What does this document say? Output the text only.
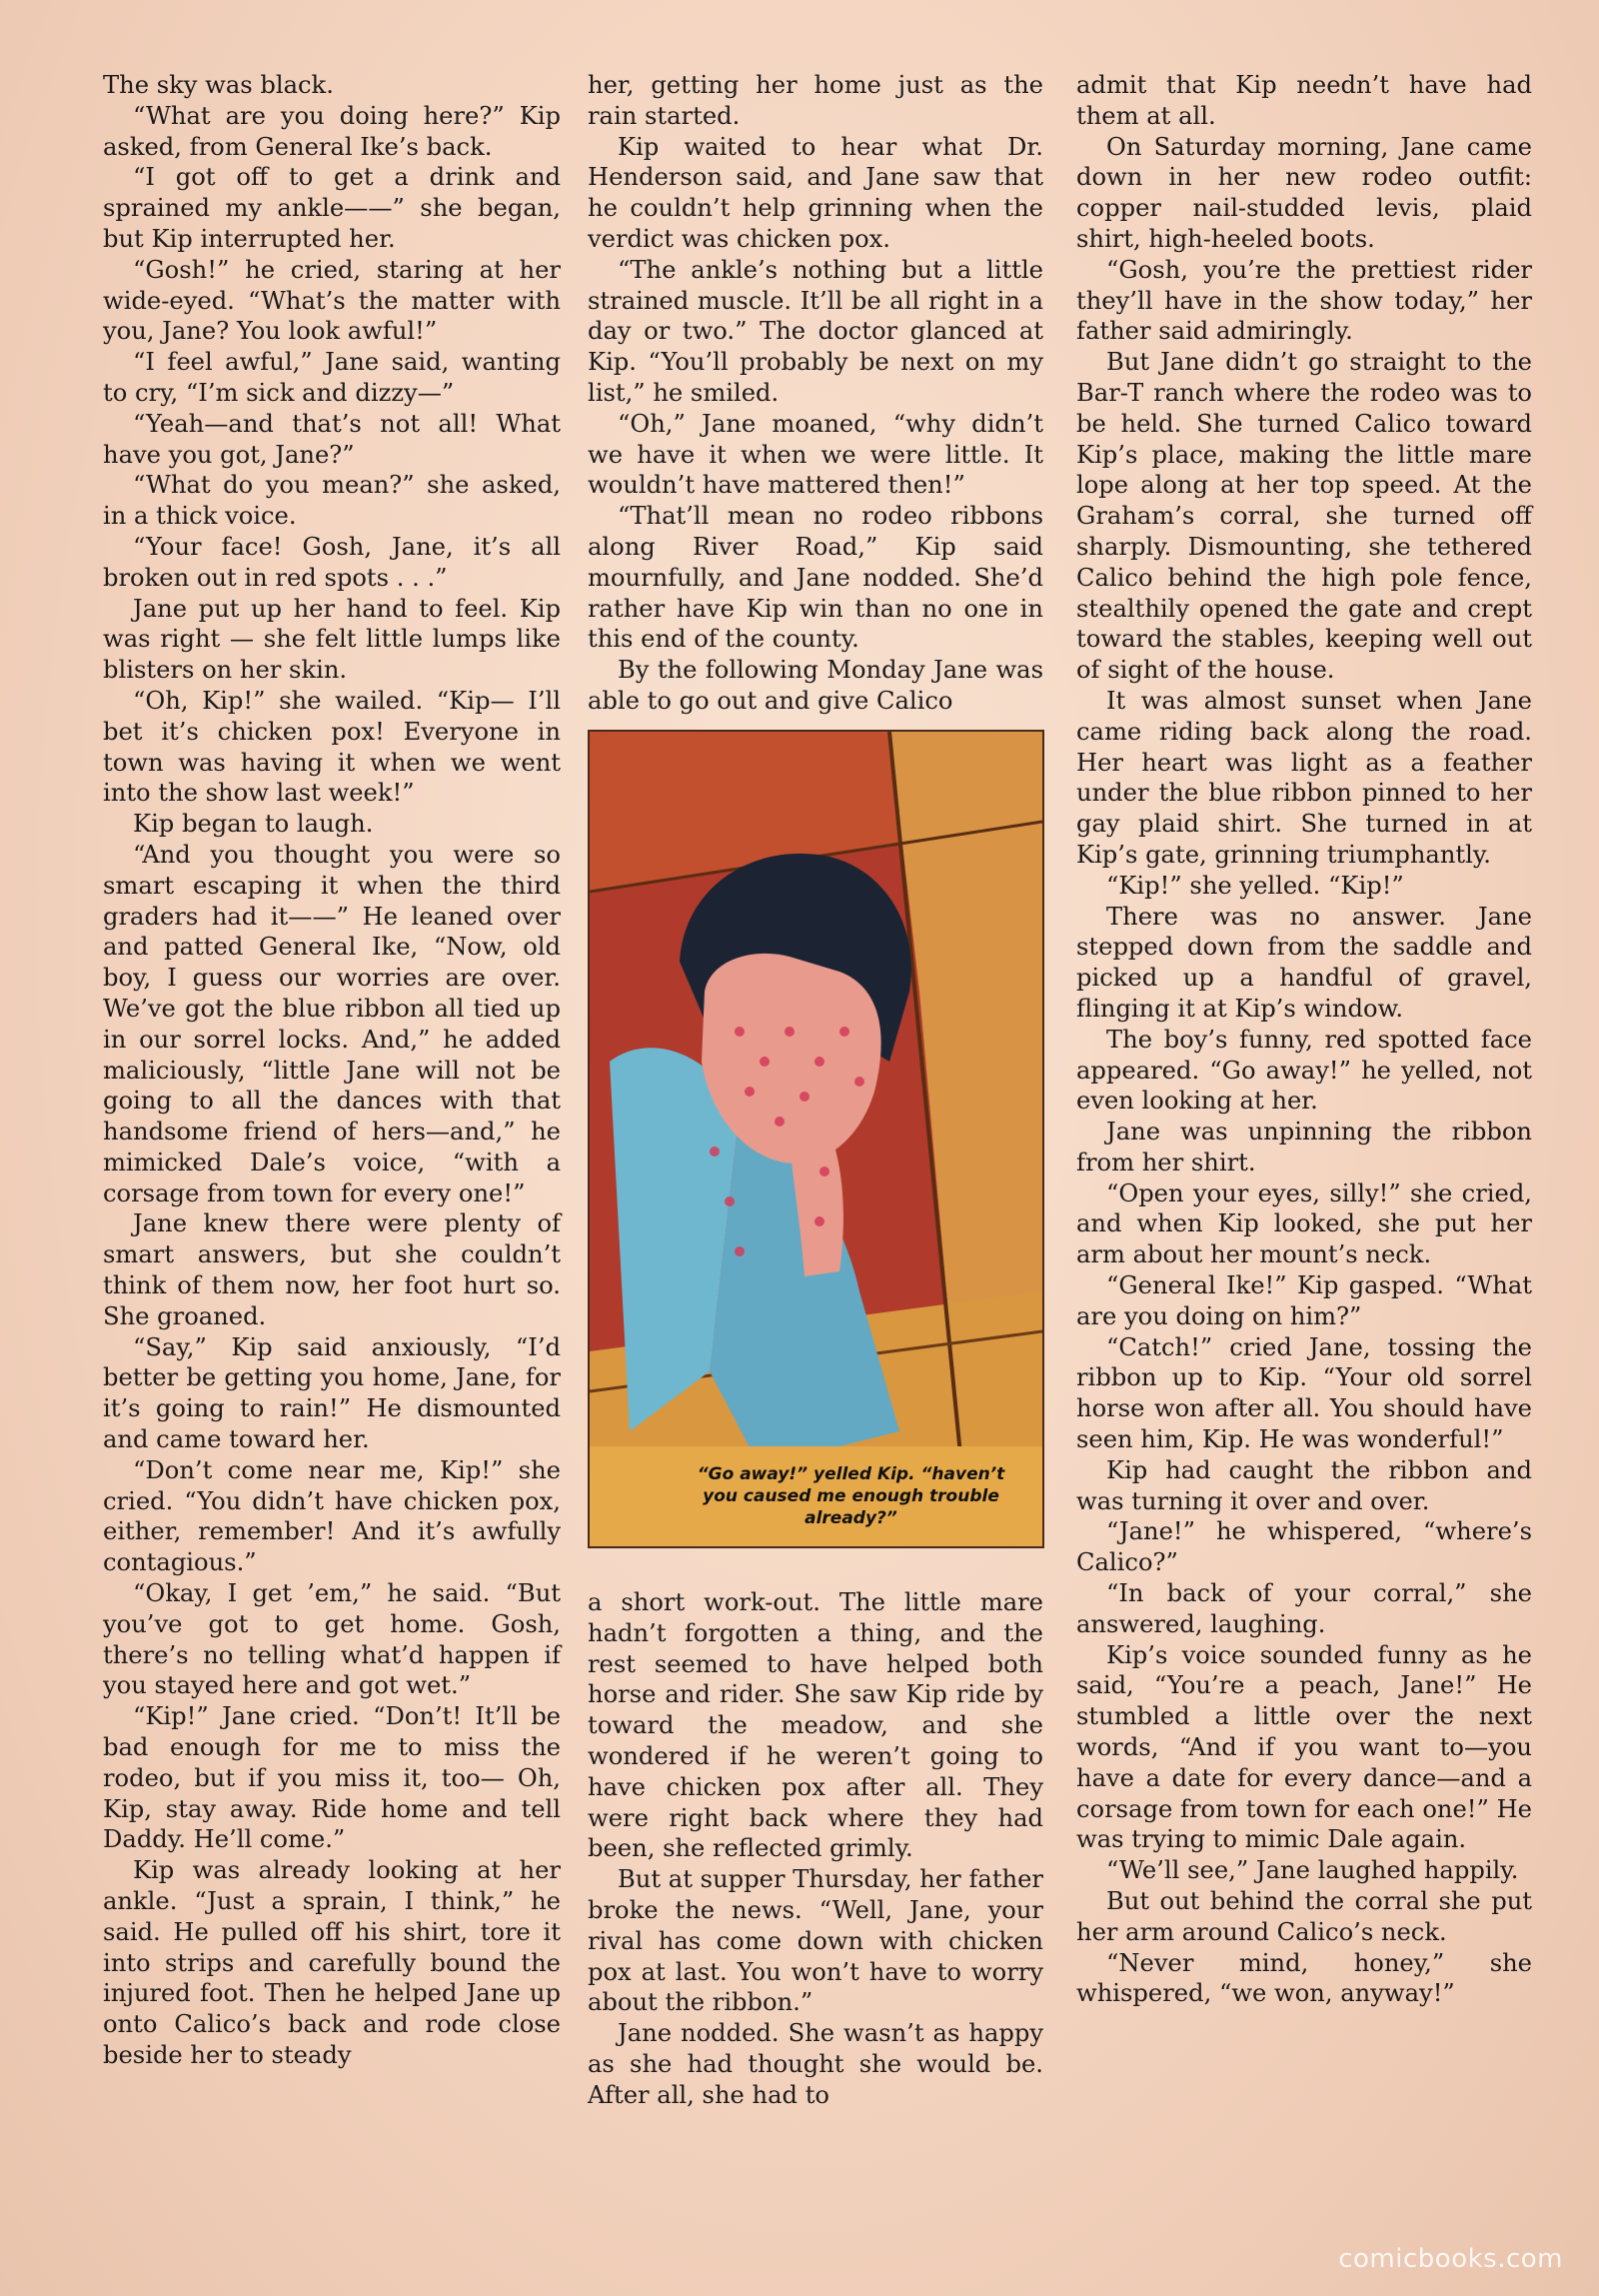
The sky was black.

“What are you doing here?” Kip asked, from General Ike’s back.

“I got off to get a drink and sprained my ankle——” she began, but Kip interrupted her.

“Gosh!” he cried, staring at her wide-eyed. “What’s the matter with you, Jane? You look awful!”

“I feel awful,” Jane said, wanting to cry, “I’m sick and dizzy—”

“Yeah—and that’s not all! What have you got, Jane?”

“What do you mean?” she asked, in a thick voice.

“Your face! Gosh, Jane, it’s all broken out in red spots . . .”

Jane put up her hand to feel. Kip was right — she felt little lumps like blisters on her skin.

“Oh, Kip!” she wailed. “Kip— I’ll bet it’s chicken pox! Everyone in town was having it when we went into the show last week!”

Kip began to laugh.

“And you thought you were so smart escaping it when the third graders had it——” He leaned over and patted General Ike, “Now, old boy, I guess our worries are over. We’ve got the blue ribbon all tied up in our sorrel locks. And,” he added maliciously, “little Jane will not be going to all the dances with that handsome friend of hers—and,” he mimicked Dale’s voice, “with a corsage from town for every one!”

Jane knew there were plenty of smart answers, but she couldn’t think of them now, her foot hurt so. She groaned.

“Say,” Kip said anxiously, “I’d better be getting you home, Jane, for it’s going to rain!” He dismounted and came toward her.

“Don’t come near me, Kip!” she cried. “You didn’t have chicken pox, either, remember! And it’s awfully contagious.”

“Okay, I get ’em,” he said. “But you’ve got to get home. Gosh, there’s no telling what’d happen if you stayed here and got wet.”

“Kip!” Jane cried. “Don’t! It’ll be bad enough for me to miss the rodeo, but if you miss it, too— Oh, Kip, stay away. Ride home and tell Daddy. He’ll come.”

Kip was already looking at her ankle. “Just a sprain, I think,” he said. He pulled off his shirt, tore it into strips and carefully bound the injured foot. Then he helped Jane up onto Calico’s back and rode close beside her to steady

her, getting her home just as the rain started.

Kip waited to hear what Dr. Henderson said, and Jane saw that he couldn’t help grinning when the verdict was chicken pox.

“The ankle’s nothing but a little strained muscle. It’ll be all right in a day or two.” The doctor glanced at Kip. “You’ll probably be next on my list,” he smiled.

“Oh,” Jane moaned, “why didn’t we have it when we were little. It wouldn’t have mattered then!”

“That’ll mean no rodeo ribbons along River Road,” Kip said mournfully, and Jane nodded. She’d rather have Kip win than no one in this end of the county.

By the following Monday Jane was able to go out and give Calico

“Go away!” yelled Kip. “haven’t you caused me enough trouble already?”

a short work-out. The little mare hadn’t forgotten a thing, and the rest seemed to have helped both horse and rider. She saw Kip ride by toward the meadow, and she wondered if he weren’t going to have chicken pox after all. They were right back where they had been, she reflected grimly.

But at supper Thursday, her father broke the news. “Well, Jane, your rival has come down with chicken pox at last. You won’t have to worry about the ribbon.”

Jane nodded. She wasn’t as happy as she had thought she would be. After all, she had to

admit that Kip needn’t have had them at all.

On Saturday morning, Jane came down in her new rodeo outfit: copper nail-studded levis, plaid shirt, high-heeled boots.

“Gosh, you’re the prettiest rider they’ll have in the show today,” her father said admiringly.

But Jane didn’t go straight to the Bar-T ranch where the rodeo was to be held. She turned Calico toward Kip’s place, making the little mare lope along at her top speed. At the Graham’s corral, she turned off sharply. Dismounting, she tethered Calico behind the high pole fence, stealthily opened the gate and crept toward the stables, keeping well out of sight of the house.

It was almost sunset when Jane came riding back along the road. Her heart was light as a feather under the blue ribbon pinned to her gay plaid shirt. She turned in at Kip’s gate, grinning triumphantly.

“Kip!” she yelled. “Kip!”

There was no answer. Jane stepped down from the saddle and picked up a handful of gravel, flinging it at Kip’s window.

The boy’s funny, red spotted face appeared. “Go away!” he yelled, not even looking at her.

Jane was unpinning the ribbon from her shirt.

“Open your eyes, silly!” she cried, and when Kip looked, she put her arm about her mount’s neck.

“General Ike!” Kip gasped. “What are you doing on him?”

“Catch!” cried Jane, tossing the ribbon up to Kip. “Your old sorrel horse won after all. You should have seen him, Kip. He was wonderful!”

Kip had caught the ribbon and was turning it over and over.

“Jane!” he whispered, “where’s Calico?”

“In back of your corral,” she answered, laughing.

Kip’s voice sounded funny as he said, “You’re a peach, Jane!” He stumbled a little over the next words, “And if you want to—you have a date for every dance—and a corsage from town for each one!” He was trying to mimic Dale again.

“We’ll see,” Jane laughed happily.

But out behind the corral she put her arm around Calico’s neck.

“Never mind, honey,” she whispered, “we won, anyway!”

comicbooks.com
